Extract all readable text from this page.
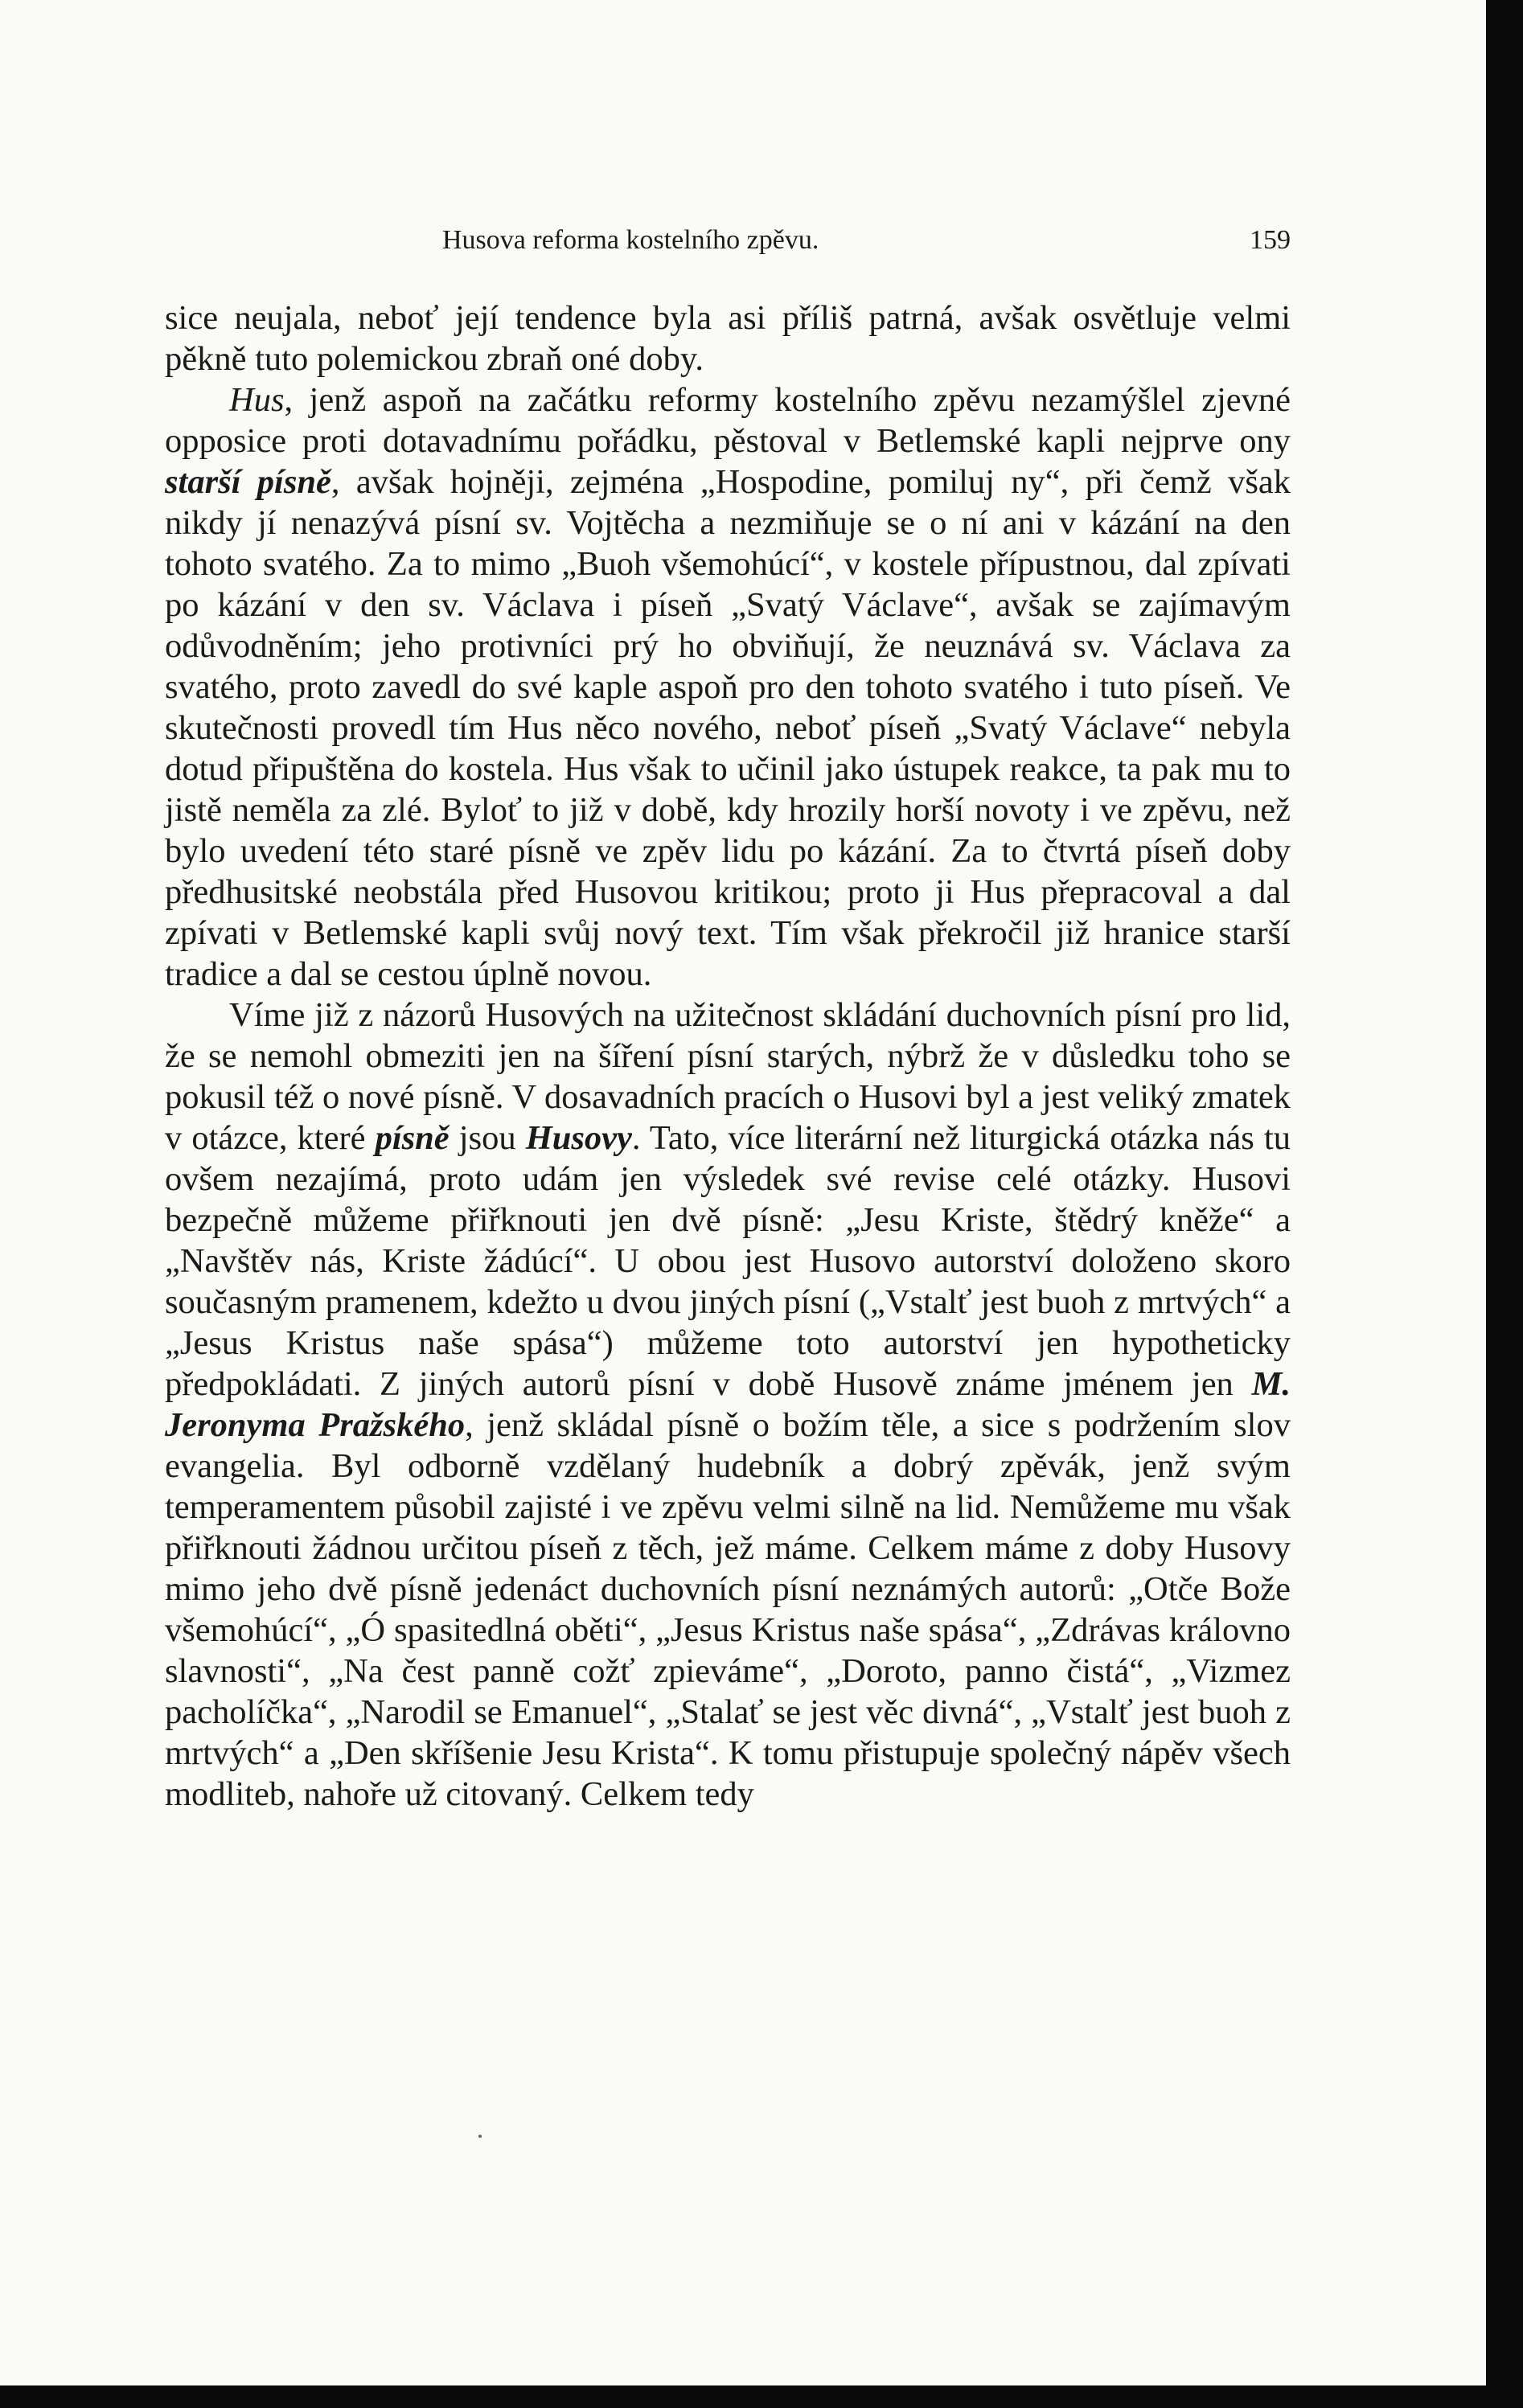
Husova reforma kostelního zpěvu.	159

sice neujala, neboť její tendence byla asi příliš patrná, avšak osvětluje velmi pěkně tuto polemickou zbraň oné doby.

Hus, jenž aspoň na začátku reformy kostelního zpěvu nezamýšlel zjevné opposice proti dotavadnímu pořádku, pěstoval v Betlemské kapli nejprve ony starší písně, avšak hojněji, zejména „Hospodine, pomiluj ny“, při čemž však nikdy jí nenazývá písní sv. Vojtěcha a nezmiňuje se o ní ani v kázání na den tohoto svatého. Za to mimo „Buoh všemohúcí“, v kostele přípustnou, dal zpívati po kázání v den sv. Václava i píseň „Svatý Václave“, avšak se zajímavým odůvodněním; jeho protivníci prý ho obviňují, že neuznává sv. Václava za svatého, proto zavedl do své kaple aspoň pro den tohoto svatého i tuto píseň. Ve skutečnosti provedl tím Hus něco nového, neboť píseň „Svatý Václave“ nebyla dotud připuštěna do kostela. Hus však to učinil jako ústupek reakce, ta pak mu to jistě neměla za zlé. Byloť to již v době, kdy hrozily horší novoty i ve zpěvu, než bylo uvedení této staré písně ve zpěv lidu po kázání. Za to čtvrtá píseň doby předhusitské neobstála před Husovou kritikou; proto ji Hus přepracoval a dal zpívati v Betlemské kapli svůj nový text. Tím však překročil již hranice starší tradice a dal se cestou úplně novou.

Víme již z názorů Husových na užitečnost skládání duchovních písní pro lid, že se nemohl obmeziti jen na šíření písní starých, nýbrž že v důsledku toho se pokusil též o nové písně. V dosavadních pracích o Husovi byl a jest veliký zmatek v otázce, které písně jsou Husovy. Tato, více literární než liturgická otázka nás tu ovšem nezajímá, proto udám jen výsledek své revise celé otázky. Husovi bezpečně můžeme přiřknouti jen dvě písně: „Jesu Kriste, štědrý kněže“ a „Navštěv nás, Kriste žádúcí“. U obou jest Husovo autorství doloženo skoro současným pramenem, kdežto u dvou jiných písní („Vstalť jest buoh z mrtvých“ a „Jesus Kristus naše spása“) můžeme toto autorství jen hypotheticky předpokládati. Z jiných autorů písní v době Husově známe jménem jen M. Jeronyma Pražského, jenž skládal písně o božím těle, a sice s podržením slov evangelia. Byl odborně vzdělaný hudebník a dobrý zpěvák, jenž svým temperamentem působil zajisté i ve zpěvu velmi silně na lid. Nemůžeme mu však přiřknouti žádnou určitou píseň z těch, jež máme. Celkem máme z doby Husovy mimo jeho dvě písně jedenáct duchovních písní neznámých autorů: „Otče Bože všemohúcí“, „Ó spasitedlná oběti“, „Jesus Kristus naše spása“, „Zdrávas královno slavnosti“, „Na čest panně cožť zpieváme“, „Doroto, panno čistá“, „Vizmez pacholíčka“, „Narodil se Emanuel“, „Stalať se jest věc divná“, „Vstalť jest buoh z mrtvých“ a „Den skříšenie Jesu Krista“. K tomu přistupuje společný nápěv všech modliteb, nahoře už citovaný. Celkem tedy
